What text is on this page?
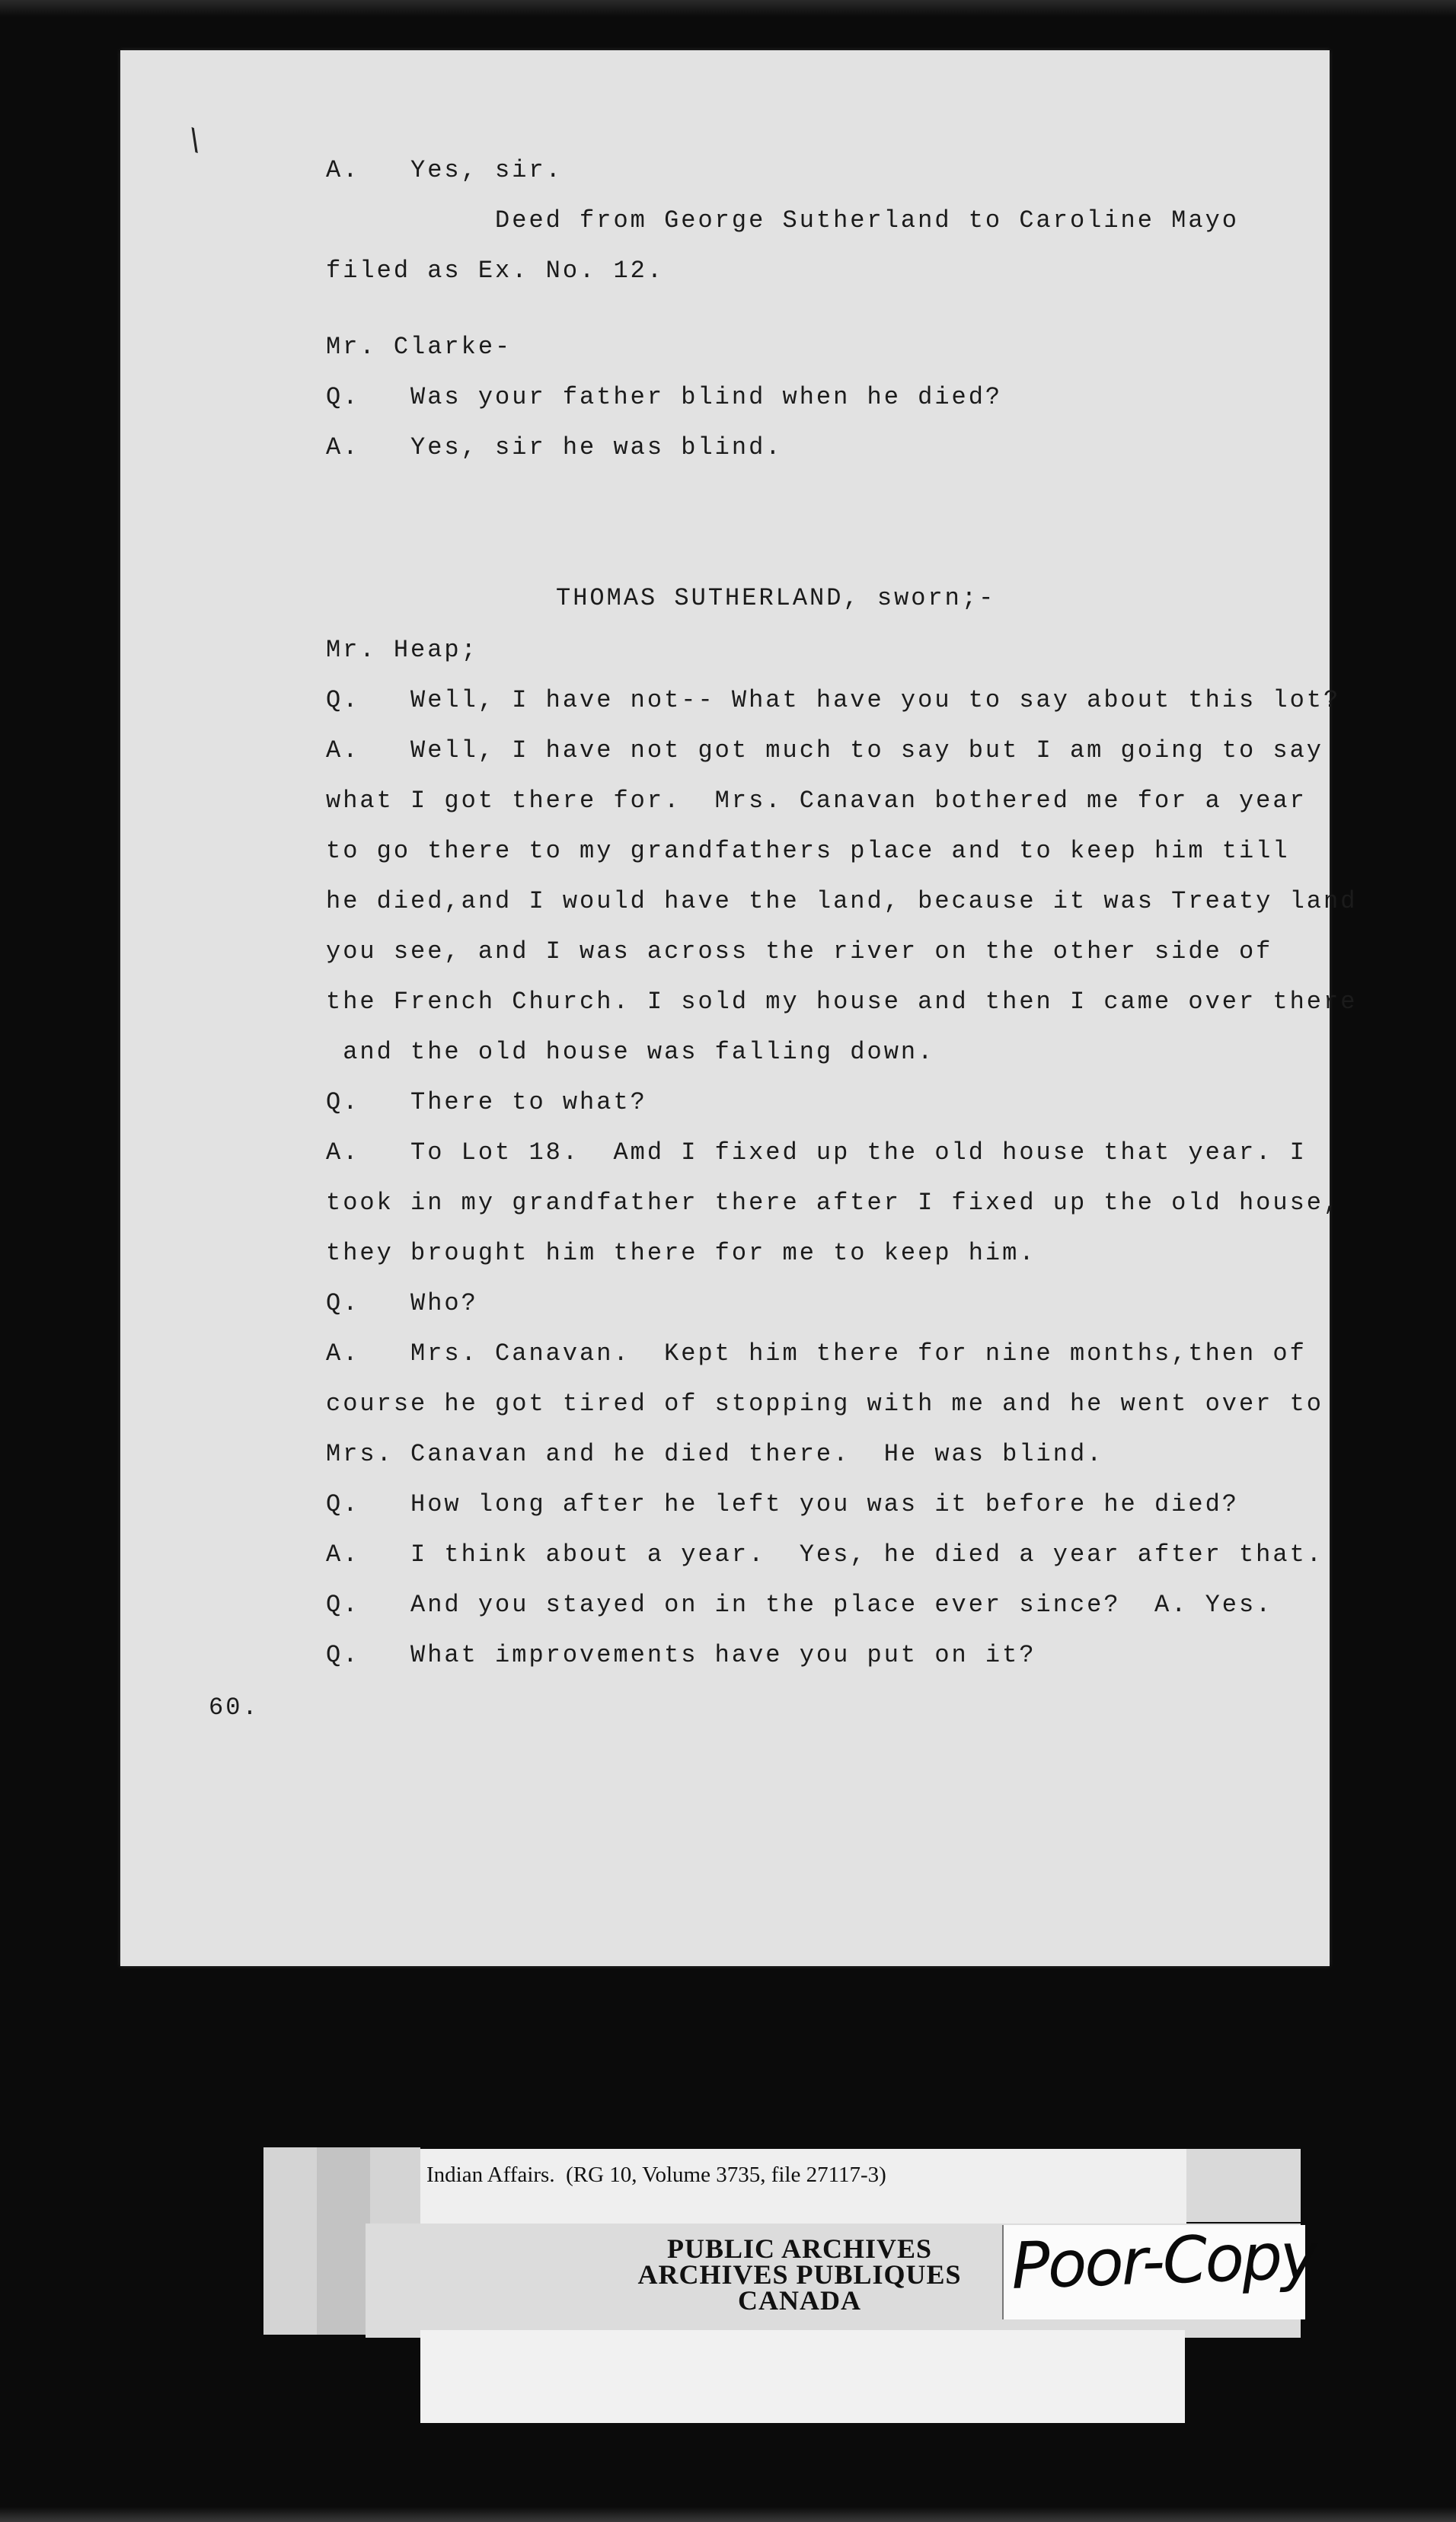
\
A.   Yes, sir.
Deed from George Sutherland to Caroline Mayo
filed as Ex. No. 12.
Mr. Clarke-
Q.   Was your father blind when he died?
A.   Yes, sir he was blind.
THOMAS SUTHERLAND, sworn;-
Mr. Heap;
Q.   Well, I have not-- What have you to say about this lot?
A.   Well, I have not got much to say but I am going to say
what I got there for.  Mrs. Canavan bothered me for a year
to go there to my grandfathers place and to keep him till
he died,and I would have the land, because it was Treaty land
you see, and I was across the river on the other side of
the French Church. I sold my house and then I came over there
and the old house was falling down.
Q.   There to what?
A.   To Lot 18.  Amd I fixed up the old house that year. I
took in my grandfather there after I fixed up the old house,
they brought him there for me to keep him.
Q.   Who?
A.   Mrs. Canavan.  Kept him there for nine months,then of
course he got tired of stopping with me and he went over to
Mrs. Canavan and he died there.  He was blind.
Q.   How long after he left you was it before he died?
A.   I think about a year.  Yes, he died a year after that.
Q.   And you stayed on in the place ever since?  A. Yes.
Q.   What improvements have you put on it?
60.
Indian Affairs.  (RG 10, Volume 3735, file 27117-3)
PUBLIC ARCHIVES
ARCHIVES PUBLIQUES
CANADA	Poor-Copy
